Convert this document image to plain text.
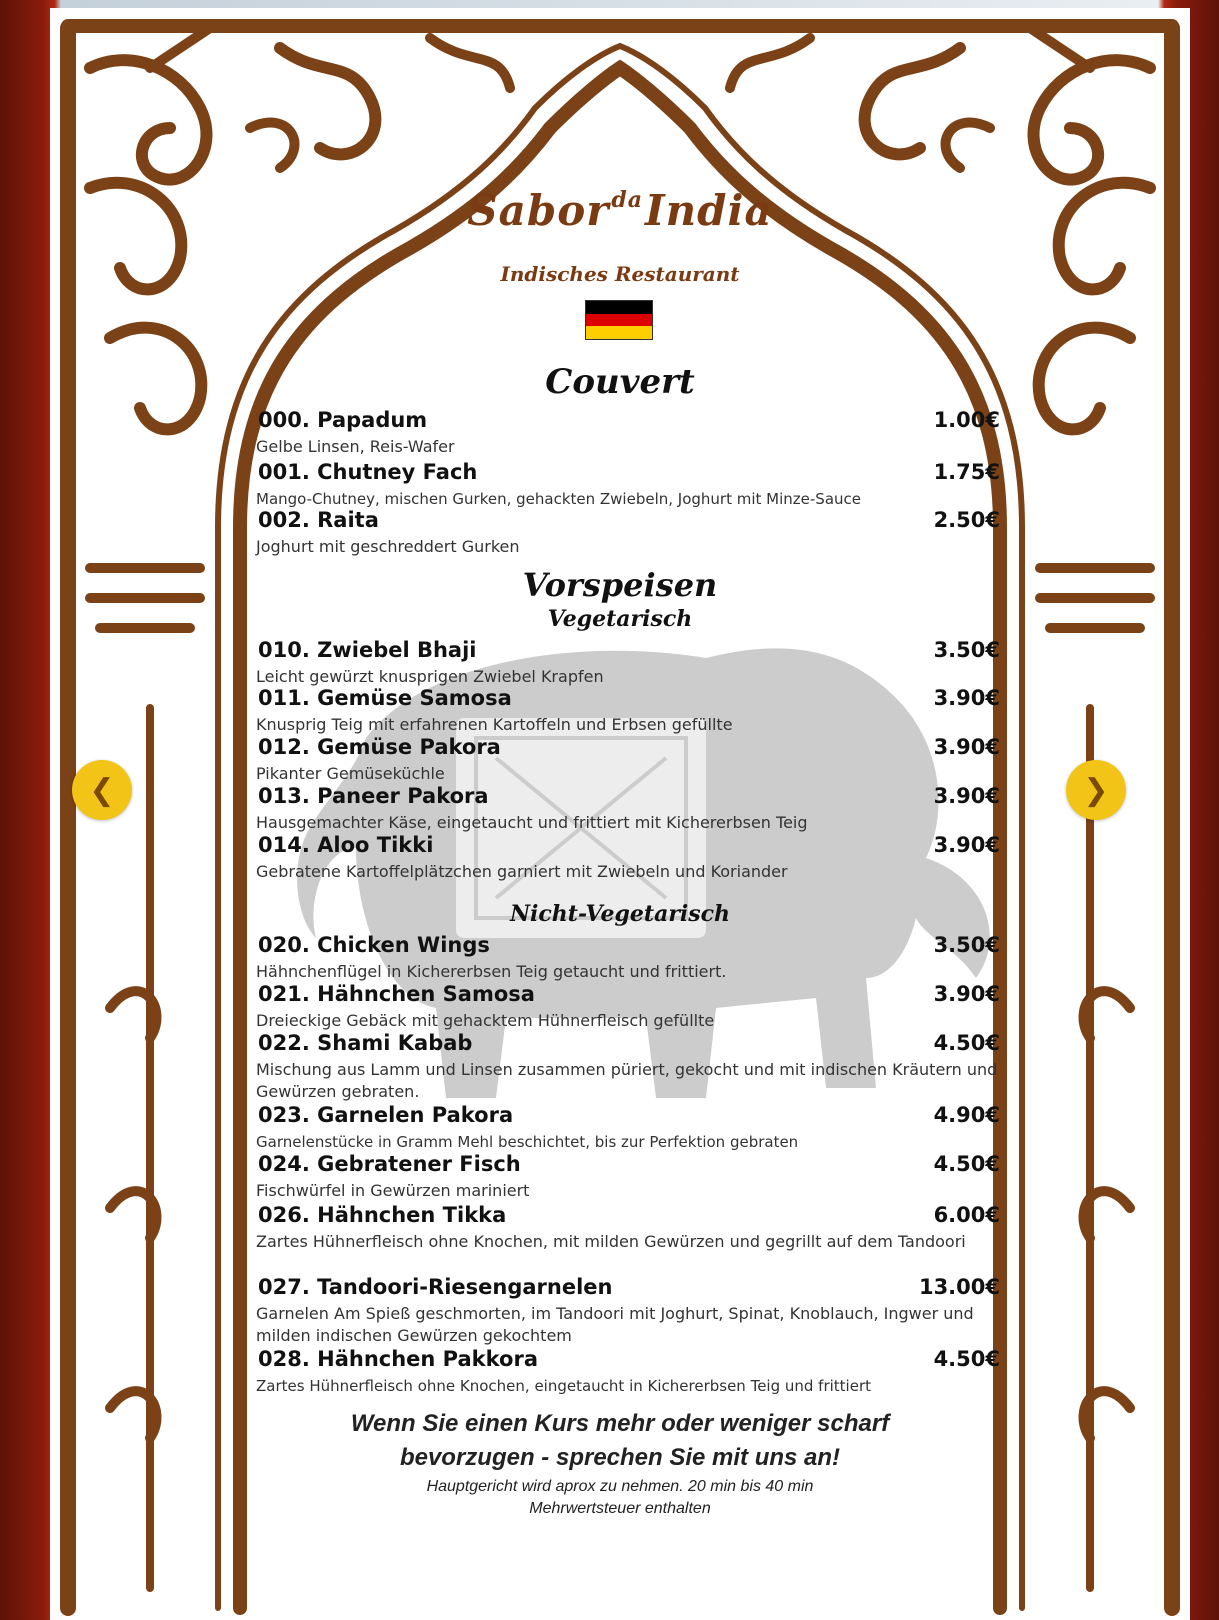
Sabor$^{da}$India
Indisches Restaurant
Couvert
000. Papadum	1.00€
Gelbe Linsen, Reis-Wafer
001. Chutney Fach	1.75€
Mango-Chutney, mischen Gurken, gehackten Zwiebeln, Joghurt mit Minze-Sauce
002. Raita	2.50€
Joghurt mit geschreddert Gurken
Vorspeisen
Vegetarisch
010. Zwiebel Bhaji	3.50€
Leicht gewürzt knusprigen Zwiebel Krapfen
011. Gemüse Samosa	3.90€
Knusprig Teig mit erfahrenen Kartoffeln und Erbsen gefüllte
012. Gemüse Pakora	3.90€
Pikanter Gemüseküchle
013. Paneer Pakora	3.90€
Hausgemachter Käse, eingetaucht und frittiert mit Kichererbsen Teig
014. Aloo Tikki	3.90€
Gebratene Kartoffelplätzchen garniert mit Zwiebeln und Koriander
Nicht-Vegetarisch
020. Chicken Wings	3.50€
Hähnchenflügel in Kichererbsen Teig getaucht und frittiert.
021. Hähnchen Samosa	3.90€
Dreieckige Gebäck mit gehacktem Hühnerfleisch gefüllte
022. Shami Kabab	4.50€
Mischung aus Lamm und Linsen zusammen püriert, gekocht und mit indischen Kräutern und Gewürzen gebraten.
023. Garnelen Pakora	4.90€
Garnelenstücke in Gramm Mehl beschichtet, bis zur Perfektion gebraten
024. Gebratener Fisch	4.50€
Fischwürfel in Gewürzen mariniert
026. Hähnchen Tikka	6.00€
Zartes Hühnerfleisch ohne Knochen, mit milden Gewürzen und gegrillt auf dem Tandoori
027. Tandoori-Riesengarnelen	13.00€
Garnelen Am Spieß geschmorten, im Tandoori mit Joghurt, Spinat, Knoblauch, Ingwer und milden indischen Gewürzen gekochtem
028. Hähnchen Pakkora	4.50€
Zartes Hühnerfleisch ohne Knochen, eingetaucht in Kichererbsen Teig und frittiert
Wenn Sie einen Kurs mehr oder weniger scharf
bevorzugen - sprechen Sie mit uns an!
Hauptgericht wird aprox zu nehmen. 20 min bis 40 min
Mehrwertsteuer enthalten
❮	❯
